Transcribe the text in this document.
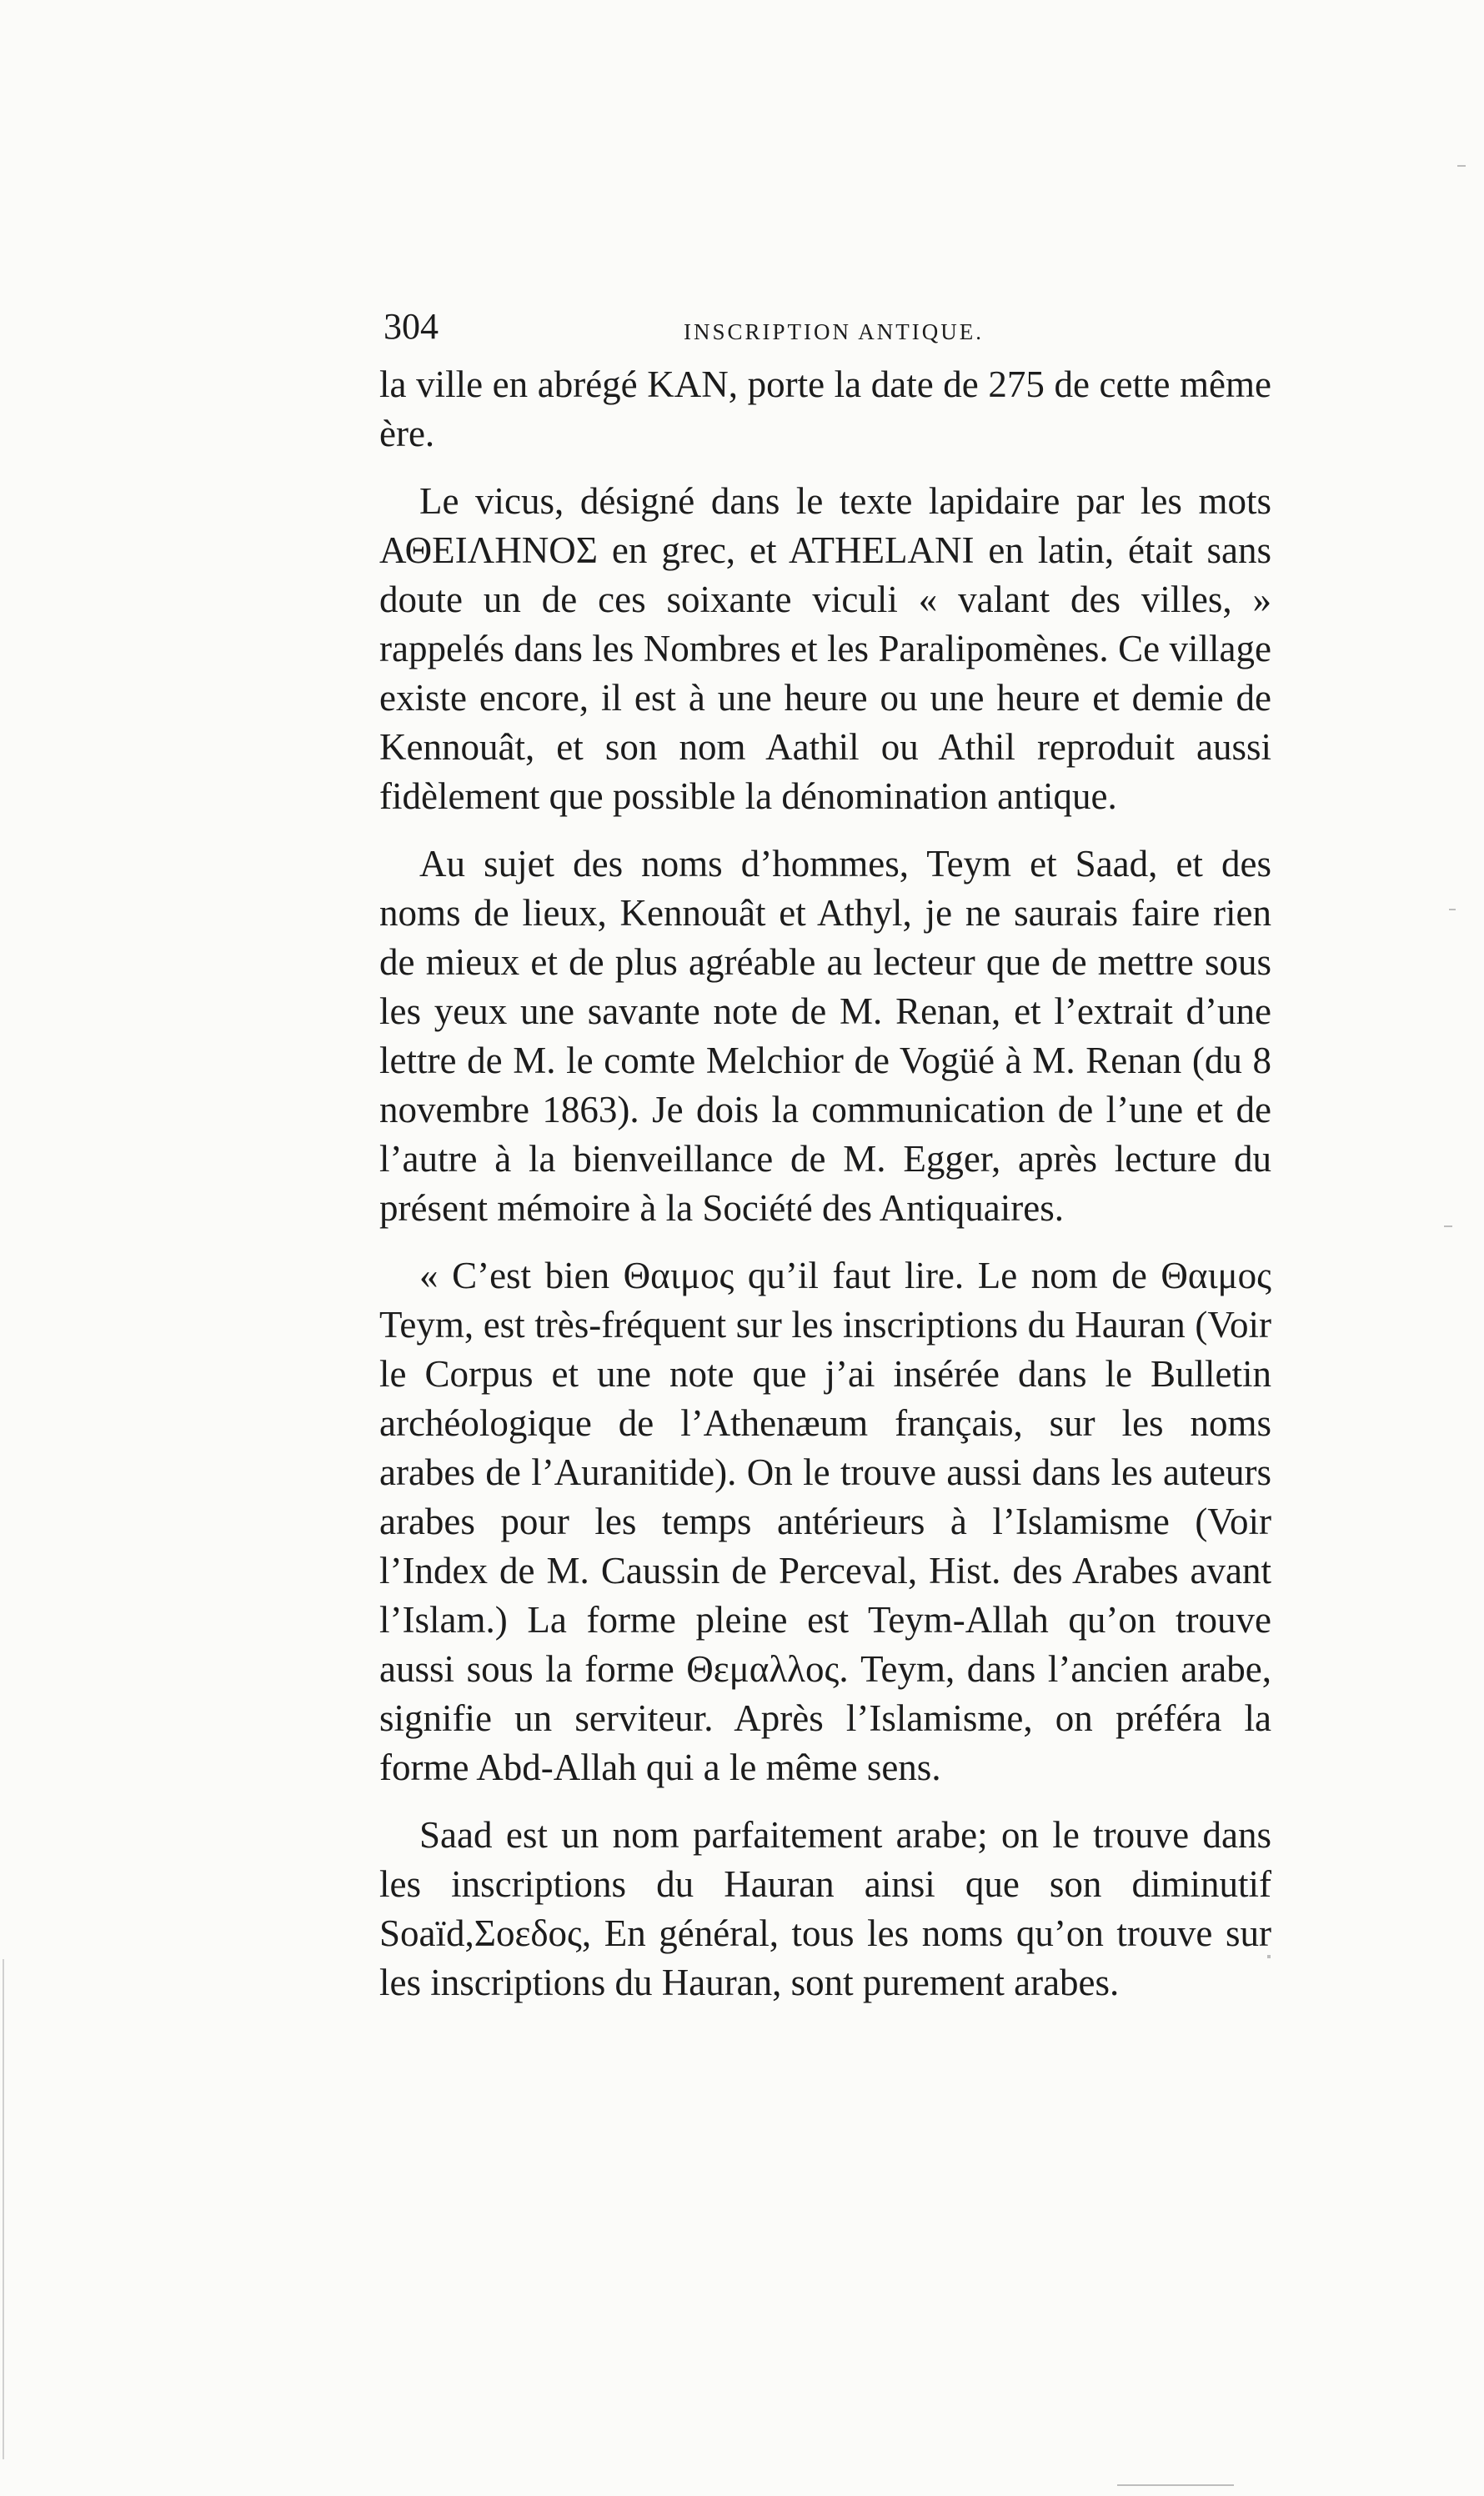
304	INSCRIPTION ANTIQUE.

la ville en abrégé KAN, porte la date de 275 de cette même ère.

Le vicus, désigné dans le texte lapidaire par les mots ΑΘΕΙΛΗΝΟΣ en grec, et ATHELANI en latin, était sans doute un de ces soixante viculi « valant des villes, » rappelés dans les Nombres et les Paralipomènes. Ce village existe encore, il est à une heure ou une heure et demie de Kennouât, et son nom Aathil ou Athil reproduit aussi fidèlement que possible la dénomination antique.

Au sujet des noms d’hommes, Teym et Saad, et des noms de lieux, Kennouât et Athyl, je ne saurais faire rien de mieux et de plus agréable au lecteur que de mettre sous les yeux une savante note de M. Renan, et l’extrait d’une lettre de M. le comte Melchior de Vogüé à M. Renan (du 8 novembre 1863). Je dois la communication de l’une et de l’autre à la bienveillance de M. Egger, après lecture du présent mémoire à la Société des Antiquaires.

« C’est bien Θαιμος qu’il faut lire. Le nom de Θαιμος Teym, est très-fréquent sur les inscriptions du Hauran (Voir le Corpus et une note que j’ai insérée dans le Bulletin archéologique de l’Athenæum français, sur les noms arabes de l’Auranitide). On le trouve aussi dans les auteurs arabes pour les temps antérieurs à l’Islamisme (Voir l’Index de M. Caussin de Perceval, Hist. des Arabes avant l’Islam.) La forme pleine est Teym-Allah qu’on trouve aussi sous la forme Θεμαλλος. Teym, dans l’ancien arabe, signifie un serviteur. Après l’Islamisme, on préféra la forme Abd-Allah qui a le même sens.

Saad est un nom parfaitement arabe; on le trouve dans les inscriptions du Hauran ainsi que son diminutif Soaïd,Σοεδος, En général, tous les noms qu’on trouve sur les inscriptions du Hauran, sont purement arabes.
